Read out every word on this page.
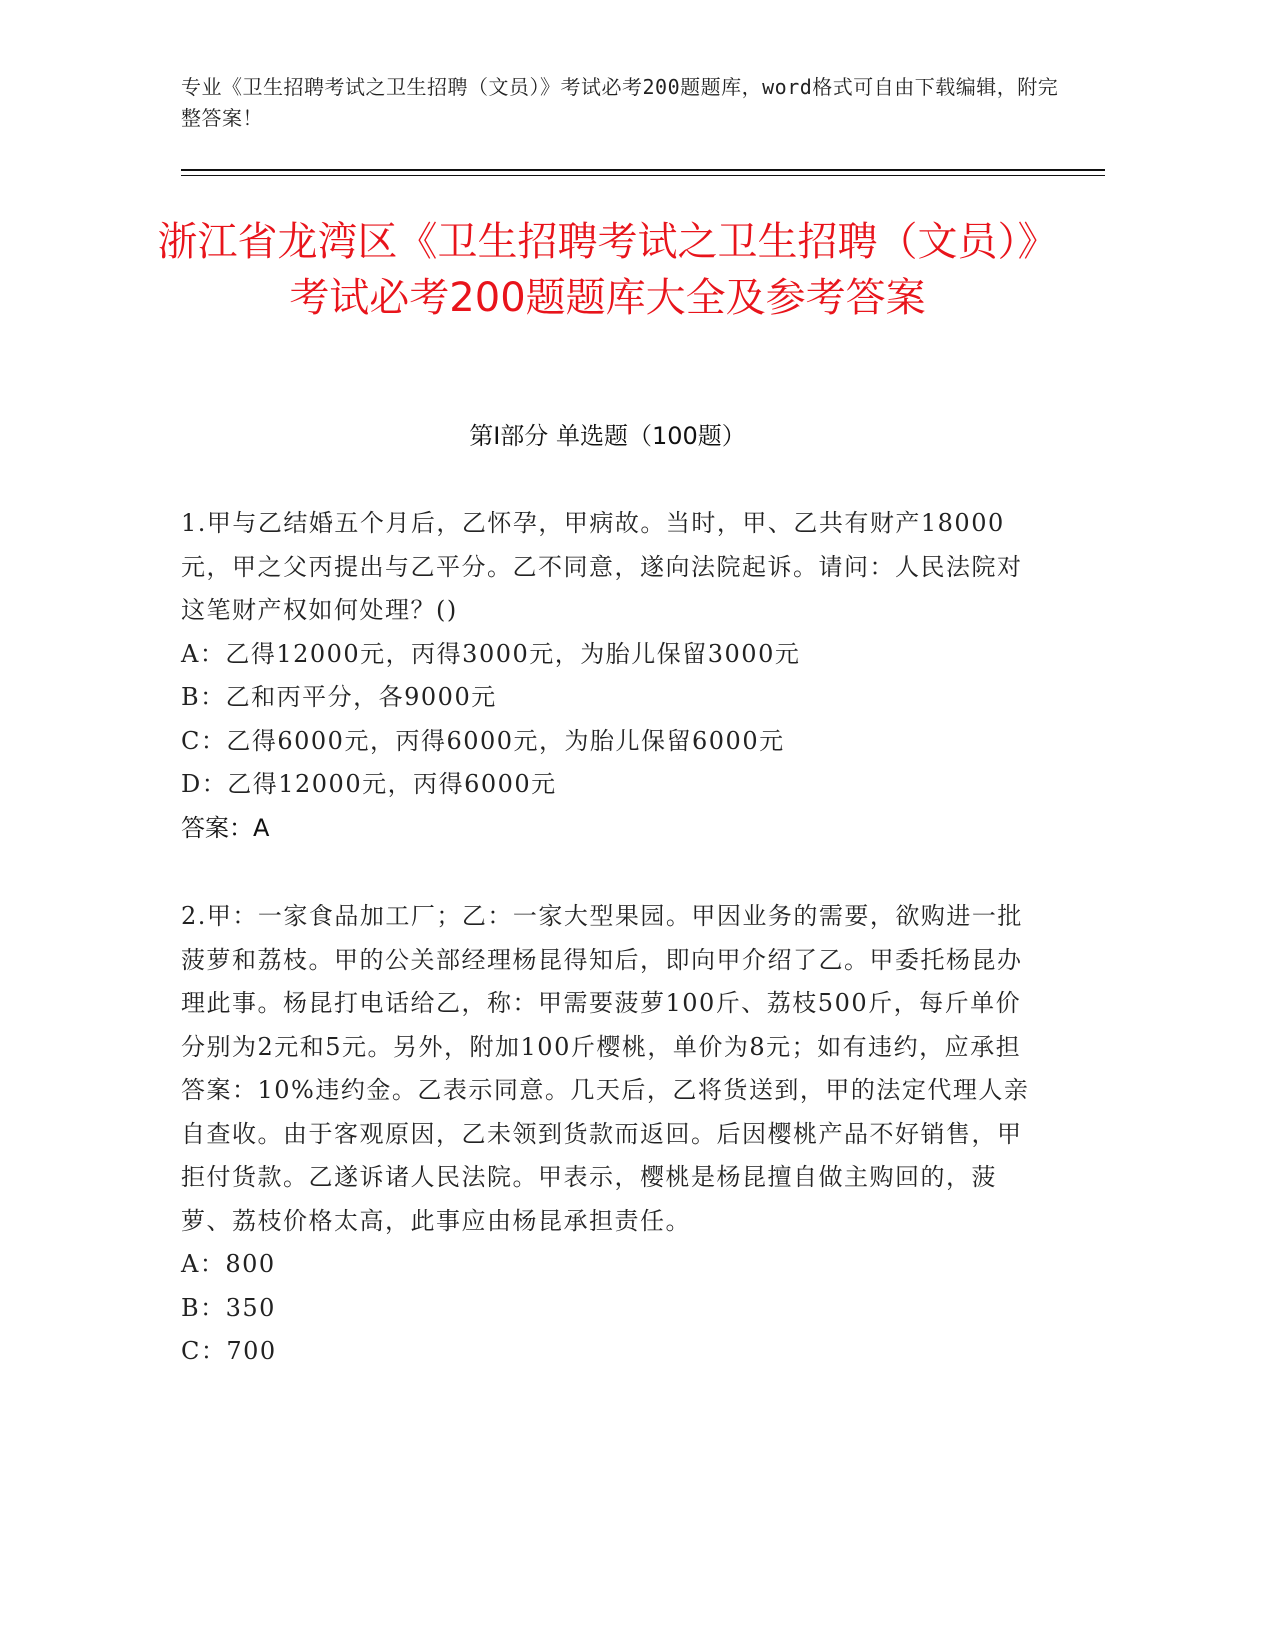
专业《卫生招聘考试之卫生招聘（文员）》考试必考200题题库，word格式可自由下载编辑，附完整答案！
浙江省龙湾区《卫生招聘考试之卫生招聘（文员）》考试必考200题题库大全及参考答案
第Ⅰ部分 单选题（100题）
1.甲与乙结婚五个月后，乙怀孕，甲病故。当时，甲、乙共有财产18000元，甲之父丙提出与乙平分。乙不同意，遂向法院起诉。请问：人民法院对这笔财产权如何处理？()
A：乙得12000元，丙得3000元，为胎儿保留3000元
B：乙和丙平分，各9000元
C：乙得6000元，丙得6000元，为胎儿保留6000元
D：乙得12000元，丙得6000元
答案：A
2.甲：一家食品加工厂；乙：一家大型果园。甲因业务的需要，欲购进一批菠萝和荔枝。甲的公关部经理杨昆得知后，即向甲介绍了乙。甲委托杨昆办理此事。杨昆打电话给乙，称：甲需要菠萝100斤、荔枝500斤，每斤单价分别为2元和5元。另外，附加100斤樱桃，单价为8元；如有违约，应承担答案：10%违约金。乙表示同意。几天后，乙将货送到，甲的法定代理人亲自查收。由于客观原因，乙未领到货款而返回。后因樱桃产品不好销售，甲拒付货款。乙遂诉诸人民法院。甲表示，樱桃是杨昆擅自做主购回的，菠萝、荔枝价格太高，此事应由杨昆承担责任。
A：800
B：350
C：700
